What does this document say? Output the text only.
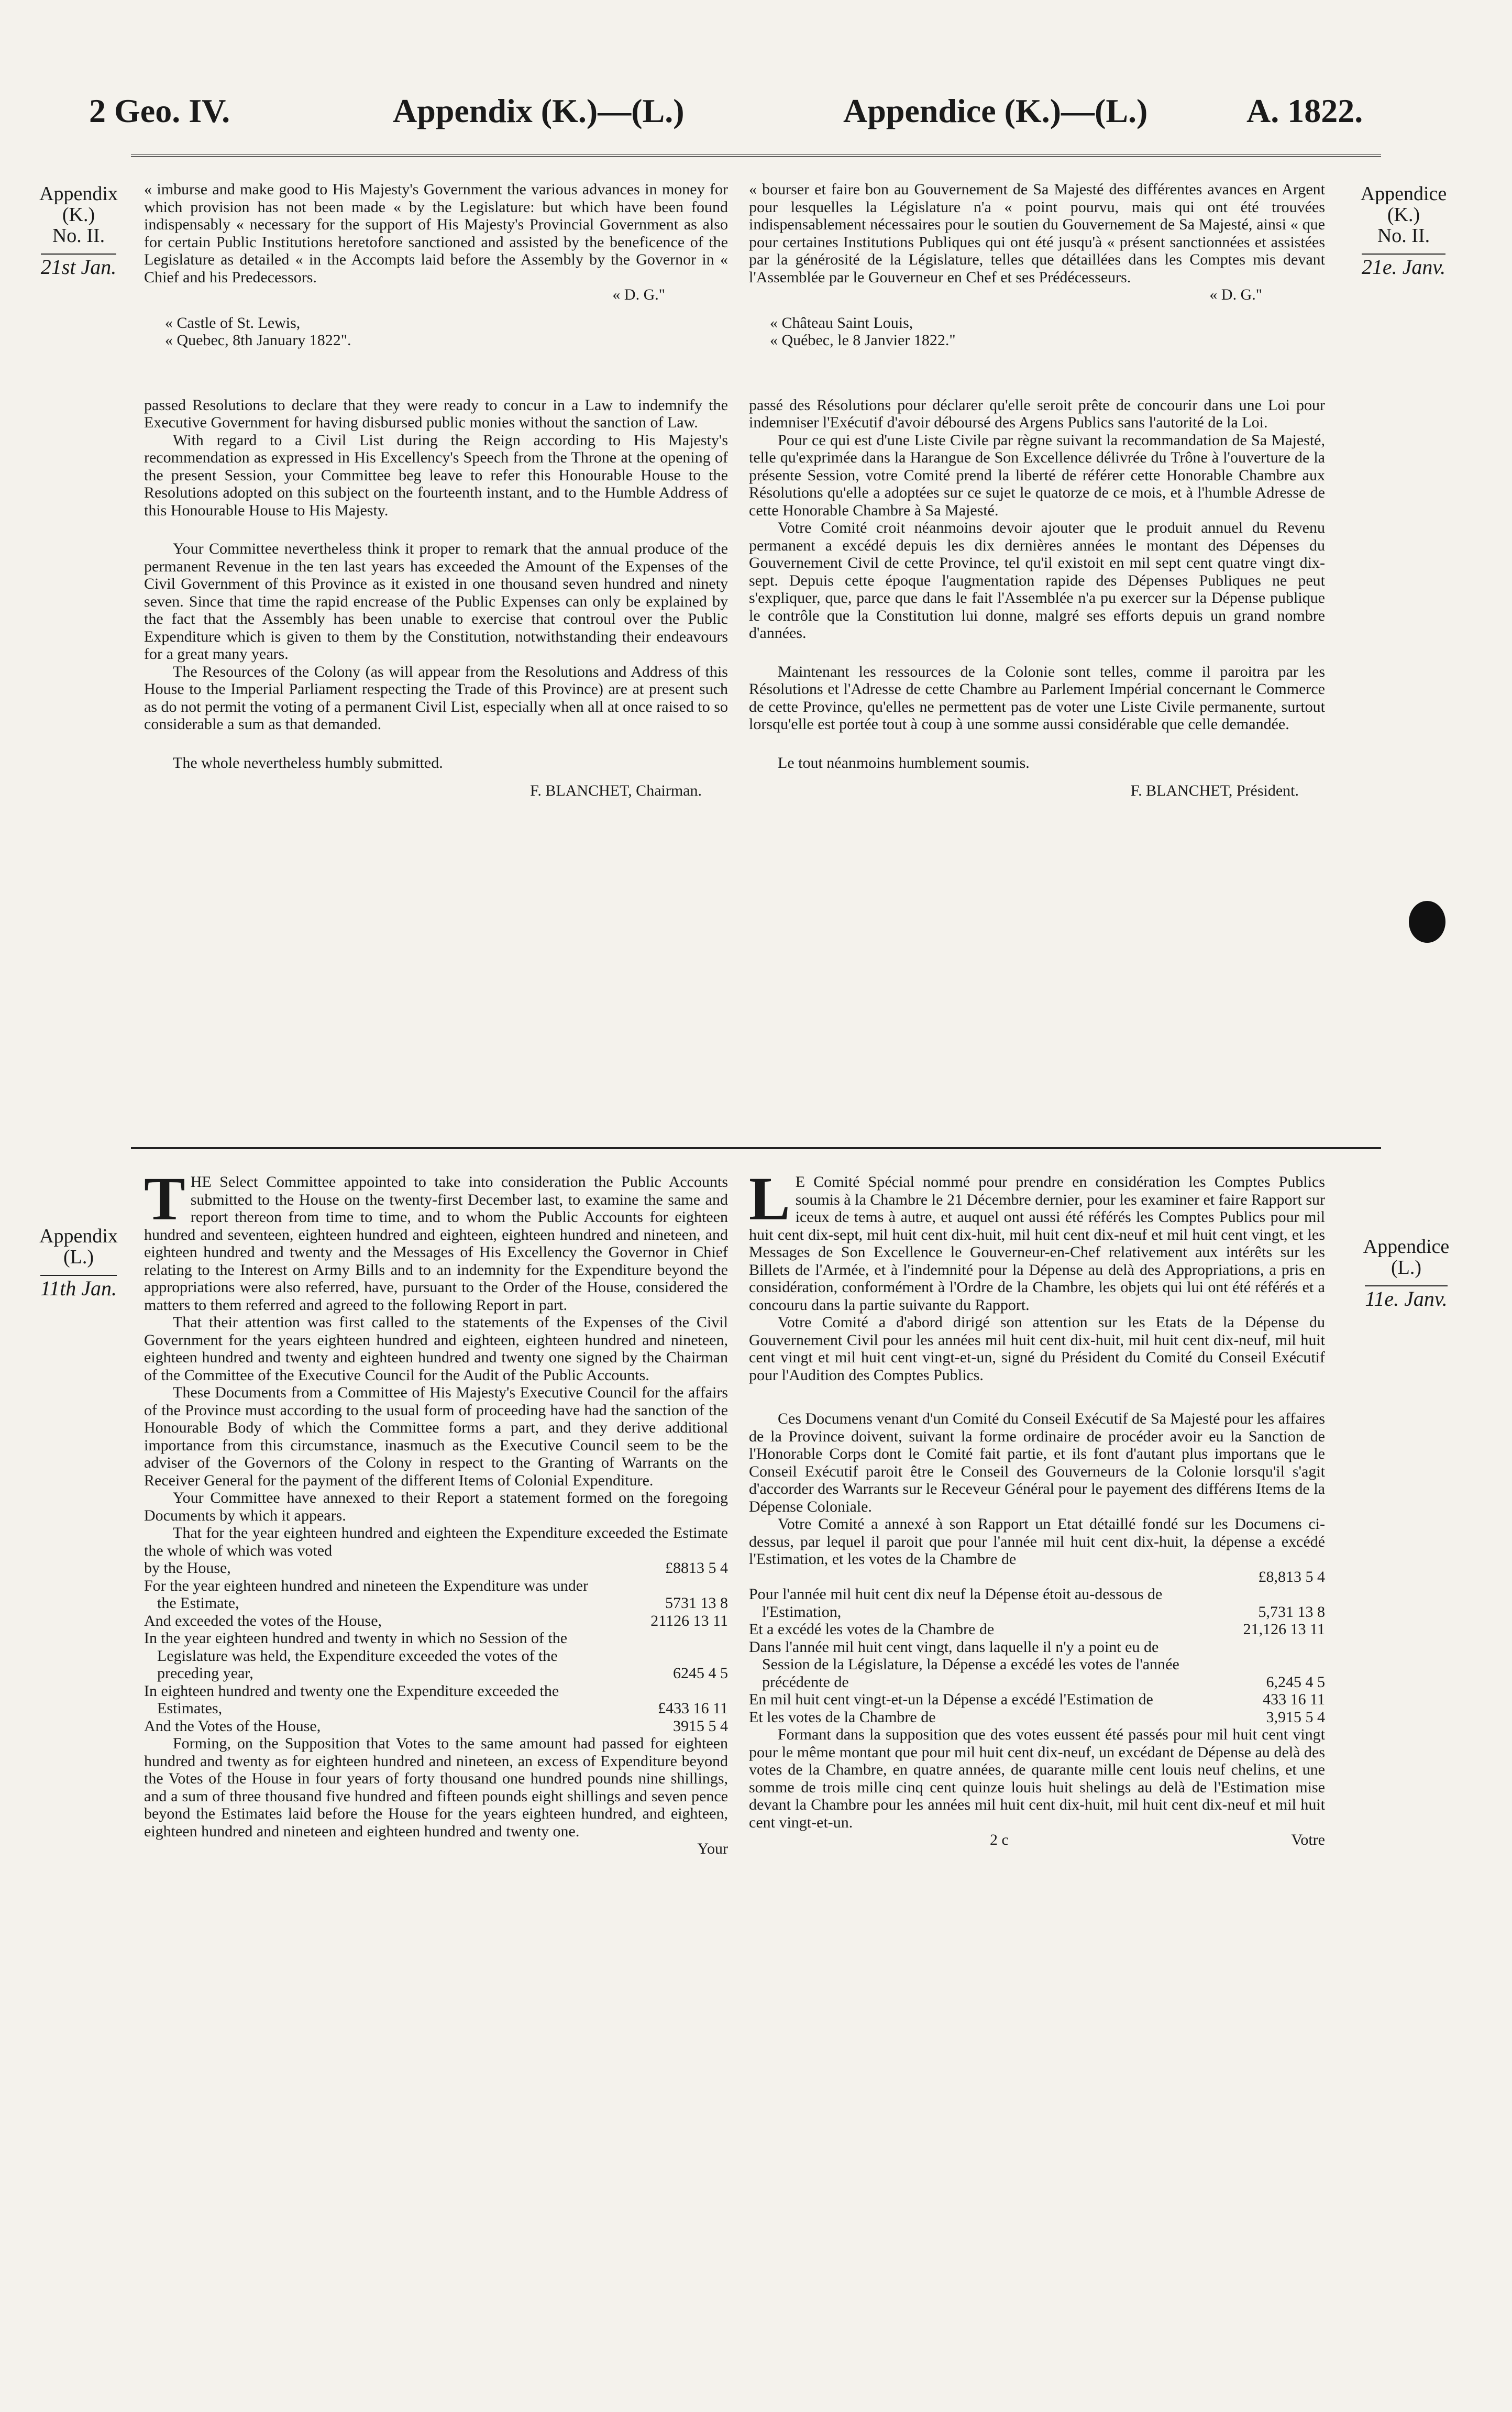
2 Geo. IV.	Appendix (K.)—(L.)	Appendice (K.)—(L.)	A. 1822.
Appendix
(K.)
No. II.
21st Jan.
Appendice
(K.)
No. II.
21e. Janv.

« imburse and make good to His Majesty's Government the various advances in money for which provision has not been made « by the Legislature: but which have been found indispensably « necessary for the support of His Majesty's Provincial Government as also for certain Public Institutions heretofore sanctioned and assisted by the beneficence of the Legislature as detailed « in the Accompts laid before the Assembly by the Governor in « Chief and his Predecessors.

« D. G."

« Castle of St. Lewis,

« Quebec, 8th January 1822".

passed Resolutions to declare that they were ready to concur in a Law to indemnify the Executive Government for having disbursed public monies without the sanction of Law.

With regard to a Civil List during the Reign according to His Majesty's recommendation as expressed in His Excellency's Speech from the Throne at the opening of the present Session, your Committee beg leave to refer this Honourable House to the Resolutions adopted on this subject on the fourteenth instant, and to the Humble Address of this Honourable House to His Majesty.

Your Committee nevertheless think it proper to remark that the annual produce of the permanent Revenue in the ten last years has exceeded the Amount of the Expenses of the Civil Government of this Province as it existed in one thousand seven hundred and ninety seven. Since that time the rapid encrease of the Public Expenses can only be explained by the fact that the Assembly has been unable to exercise that controul over the Public Expenditure which is given to them by the Constitution, notwithstanding their endeavours for a great many years.

The Resources of the Colony (as will appear from the Resolutions and Address of this House to the Imperial Parliament respecting the Trade of this Province) are at present such as do not permit the voting of a permanent Civil List, especially when all at once raised to so considerable a sum as that demanded.

The whole nevertheless humbly submitted.

F. BLANCHET, Chairman.

« bourser et faire bon au Gouvernement de Sa Majesté des différentes avances en Argent pour lesquelles la Législature n'a « point pourvu, mais qui ont été trouvées indispensablement nécessaires pour le soutien du Gouvernement de Sa Majesté, ainsi « que pour certaines Institutions Publiques qui ont été jusqu'à « présent sanctionnées et assistées par la générosité de la Législature, telles que détaillées dans les Comptes mis devant l'Assemblée par le Gouverneur en Chef et ses Prédécesseurs.

« D. G."

« Château Saint Louis,

« Québec, le 8 Janvier 1822."

passé des Résolutions pour déclarer qu'elle seroit prête de concourir dans une Loi pour indemniser l'Exécutif d'avoir déboursé des Argens Publics sans l'autorité de la Loi.

Pour ce qui est d'une Liste Civile par règne suivant la recommandation de Sa Majesté, telle qu'exprimée dans la Harangue de Son Excellence délivrée du Trône à l'ouverture de la présente Session, votre Comité prend la liberté de référer cette Honorable Chambre aux Résolutions qu'elle a adoptées sur ce sujet le quatorze de ce mois, et à l'humble Adresse de cette Honorable Chambre à Sa Majesté.

Votre Comité croit néanmoins devoir ajouter que le produit annuel du Revenu permanent a excédé depuis les dix dernières années le montant des Dépenses du Gouvernement Civil de cette Province, tel qu'il existoit en mil sept cent quatre vingt dix-sept. Depuis cette époque l'augmentation rapide des Dépenses Publiques ne peut s'expliquer, que, parce que dans le fait l'Assemblée n'a pu exercer sur la Dépense publique le contrôle que la Constitution lui donne, malgré ses efforts depuis un grand nombre d'années.

Maintenant les ressources de la Colonie sont telles, comme il paroitra par les Résolutions et l'Adresse de cette Chambre au Parlement Impérial concernant le Commerce de cette Province, qu'elles ne permettent pas de voter une Liste Civile permanente, surtout lorsqu'elle est portée tout à coup à une somme aussi considérable que celle demandée.

Le tout néanmoins humblement soumis.

F. BLANCHET, Président.

Appendix
(L.)
11th Jan.
Appendice
(L.)
11e. Janv.

THE Select Committee appointed to take into consideration the Public Accounts submitted to the House on the twenty-first December last, to examine the same and report thereon from time to time, and to whom the Public Accounts for eighteen hundred and seventeen, eighteen hundred and eighteen, eighteen hundred and nineteen, and eighteen hundred and twenty and the Messages of His Excellency the Governor in Chief relating to the Interest on Army Bills and to an indemnity for the Expenditure beyond the appropriations were also referred, have, pursuant to the Order of the House, considered the matters to them referred and agreed to the following Report in part.

That their attention was first called to the statements of the Expenses of the Civil Government for the years eighteen hundred and eighteen, eighteen hundred and nineteen, eighteen hundred and twenty and eighteen hundred and twenty one signed by the Chairman of the Committee of the Executive Council for the Audit of the Public Accounts.

These Documents from a Committee of His Majesty's Executive Council for the affairs of the Province must according to the usual form of proceeding have had the sanction of the Honourable Body of which the Committee forms a part, and they derive additional importance from this circumstance, inasmuch as the Executive Council seem to be the adviser of the Governors of the Colony in respect to the Granting of Warrants on the Receiver General for the payment of the different Items of Colonial Expenditure.

Your Committee have annexed to their Report a statement formed on the foregoing Documents by which it appears.

That for the year eighteen hundred and eighteen the Expenditure exceeded the Estimate the whole of which was voted

by the House,	£8813 5 4
For the year eighteen hundred and nineteen the Expenditure was under the Estimate,	5731 13 8
And exceeded the votes of the House,	21126 13 11
In the year eighteen hundred and twenty in which no Session of the Legislature was held, the Expenditure exceeded the votes of the preceding year,	6245 4 5
In eighteen hundred and twenty one the Expenditure exceeded the Estimates,	£433 16 11
And the Votes of the House,	3915 5 4

Forming, on the Supposition that Votes to the same amount had passed for eighteen hundred and twenty as for eighteen hundred and nineteen, an excess of Expenditure beyond the Votes of the House in four years of forty thousand one hundred pounds nine shillings, and a sum of three thousand five hundred and fifteen pounds eight shillings and seven pence beyond the Estimates laid before the House for the years eighteen hundred, and eighteen, eighteen hundred and nineteen and eighteen hundred and twenty one.

Your

LE Comité Spécial nommé pour prendre en considération les Comptes Publics soumis à la Chambre le 21 Décembre dernier, pour les examiner et faire Rapport sur iceux de tems à autre, et auquel ont aussi été référés les Comptes Publics pour mil huit cent dix-sept, mil huit cent dix-huit, mil huit cent dix-neuf et mil huit cent vingt, et les Messages de Son Excellence le Gouverneur-en-Chef relativement aux intérêts sur les Billets de l'Armée, et à l'indemnité pour la Dépense au delà des Appropriations, a pris en considération, conformément à l'Ordre de la Chambre, les objets qui lui ont été référés et a concouru dans la partie suivante du Rapport.

Votre Comité a d'abord dirigé son attention sur les Etats de la Dépense du Gouvernement Civil pour les années mil huit cent dix-huit, mil huit cent dix-neuf, mil huit cent vingt et mil huit cent vingt-et-un, signé du Président du Comité du Conseil Exécutif pour l'Audition des Comptes Publics.

Ces Documens venant d'un Comité du Conseil Exécutif de Sa Majesté pour les affaires de la Province doivent, suivant la forme ordinaire de procéder avoir eu la Sanction de l'Honorable Corps dont le Comité fait partie, et ils font d'autant plus importans que le Conseil Exécutif paroit être le Conseil des Gouverneurs de la Colonie lorsqu'il s'agit d'accorder des Warrants sur le Receveur Général pour le payement des différens Items de la Dépense Coloniale.

Votre Comité a annexé à son Rapport un Etat détaillé fondé sur les Documens ci-dessus, par lequel il paroit que pour l'année mil huit cent dix-huit, la dépense a excédé l'Estimation, et les votes de la Chambre de

£8,813 5 4
Pour l'année mil huit cent dix neuf la Dépense étoit au-dessous de l'Estimation,	5,731 13 8
Et a excédé les votes de la Chambre de	21,126 13 11
Dans l'année mil huit cent vingt, dans laquelle il n'y a point eu de Session de la Législature, la Dépense a excédé les votes de l'année précédente de	6,245 4 5
En mil huit cent vingt-et-un la Dépense a excédé l'Estimation de	433 16 11
Et les votes de la Chambre de	3,915 5 4

Formant dans la supposition que des votes eussent été passés pour mil huit cent vingt pour le même montant que pour mil huit cent dix-neuf, un excédant de Dépense au delà des votes de la Chambre, en quatre années, de quarante mille cent louis neuf chelins, et une somme de trois mille cinq cent quinze louis huit shelings au delà de l'Estimation mise devant la Chambre pour les années mil huit cent dix-huit, mil huit cent dix-neuf et mil huit cent vingt-et-un.

2 c	Votre
